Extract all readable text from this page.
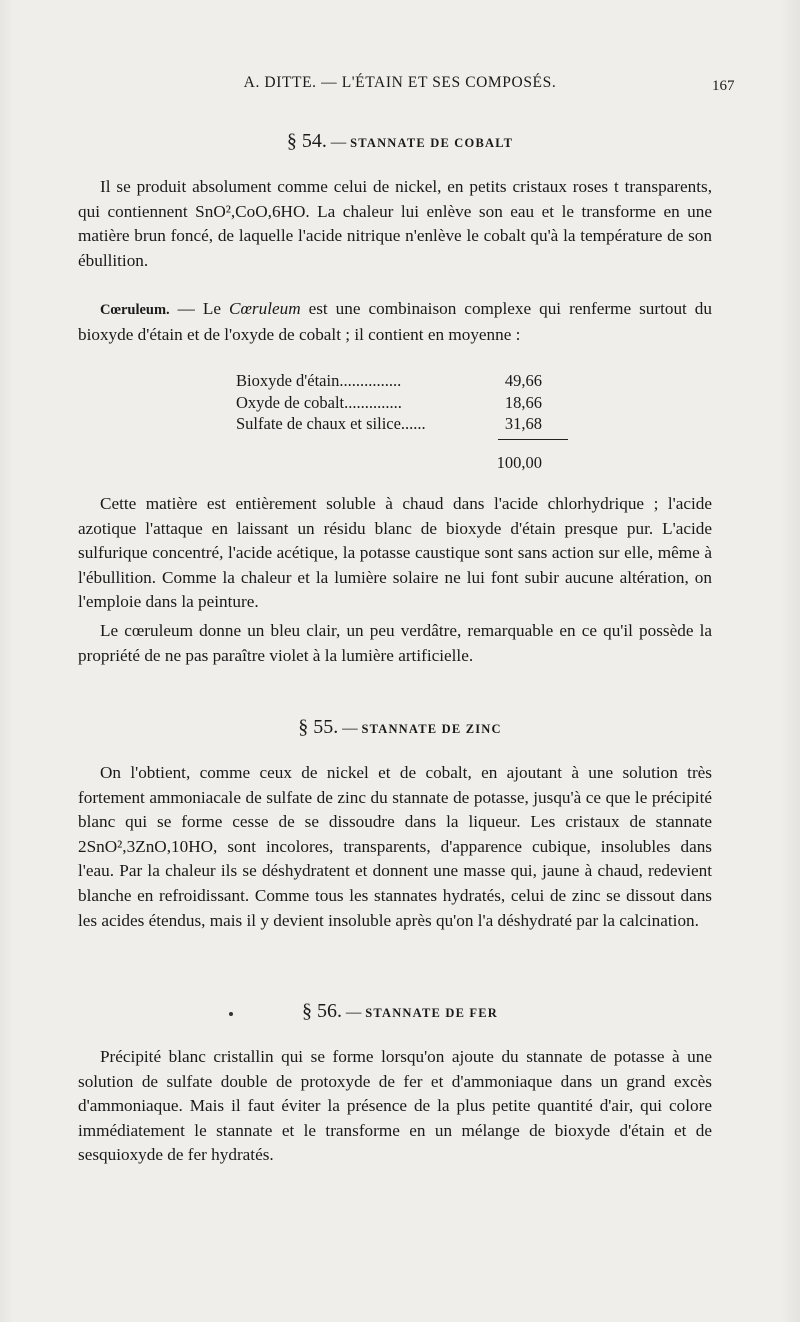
A. DITTE. — L'ÉTAIN ET SES COMPOSÉS.	167
§ 54. — STANNATE DE COBALT

Il se produit absolument comme celui de nickel, en petits cristaux roses t transparents, qui contiennent SnO²,CoO,6HO. La chaleur lui enlève son eau et le transforme en une matière brun foncé, de laquelle l'acide nitrique n'enlève le cobalt qu'à la température de son ébullition.

Cœruleum. — Le Cœruleum est une combinaison complexe qui renferme surtout du bioxyde d'étain et de l'oxyde de cobalt ; il contient en moyenne :

Bioxyde d'étain...............	49,66
Oxyde de cobalt..............	18,66
Sulfate de chaux et silice......	31,68
100,00

Cette matière est entièrement soluble à chaud dans l'acide chlorhydrique ; l'acide azotique l'attaque en laissant un résidu blanc de bioxyde d'étain presque pur. L'acide sulfurique concentré, l'acide acétique, la potasse caustique sont sans action sur elle, même à l'ébullition. Comme la chaleur et la lumière solaire ne lui font subir aucune altération, on l'emploie dans la peinture.

Le cœruleum donne un bleu clair, un peu verdâtre, remarquable en ce qu'il possède la propriété de ne pas paraître violet à la lumière artificielle.

§ 55. — STANNATE DE ZINC

On l'obtient, comme ceux de nickel et de cobalt, en ajoutant à une solution très fortement ammoniacale de sulfate de zinc du stannate de potasse, jusqu'à ce que le précipité blanc qui se forme cesse de se dissoudre dans la liqueur. Les cristaux de stannate 2SnO²,3ZnO,10HO, sont incolores, transparents, d'apparence cubique, insolubles dans l'eau. Par la chaleur ils se déshydratent et donnent une masse qui, jaune à chaud, redevient blanche en refroidissant. Comme tous les stannates hydratés, celui de zinc se dissout dans les acides étendus, mais il y devient insoluble après qu'on l'a déshydraté par la calcination.

§ 56. — STANNATE DE FER

Précipité blanc cristallin qui se forme lorsqu'on ajoute du stannate de potasse à une solution de sulfate double de protoxyde de fer et d'ammoniaque dans un grand excès d'ammoniaque. Mais il faut éviter la présence de la plus petite quantité d'air, qui colore immédiatement le stannate et le transforme en un mélange de bioxyde d'étain et de sesquioxyde de fer hydratés.
